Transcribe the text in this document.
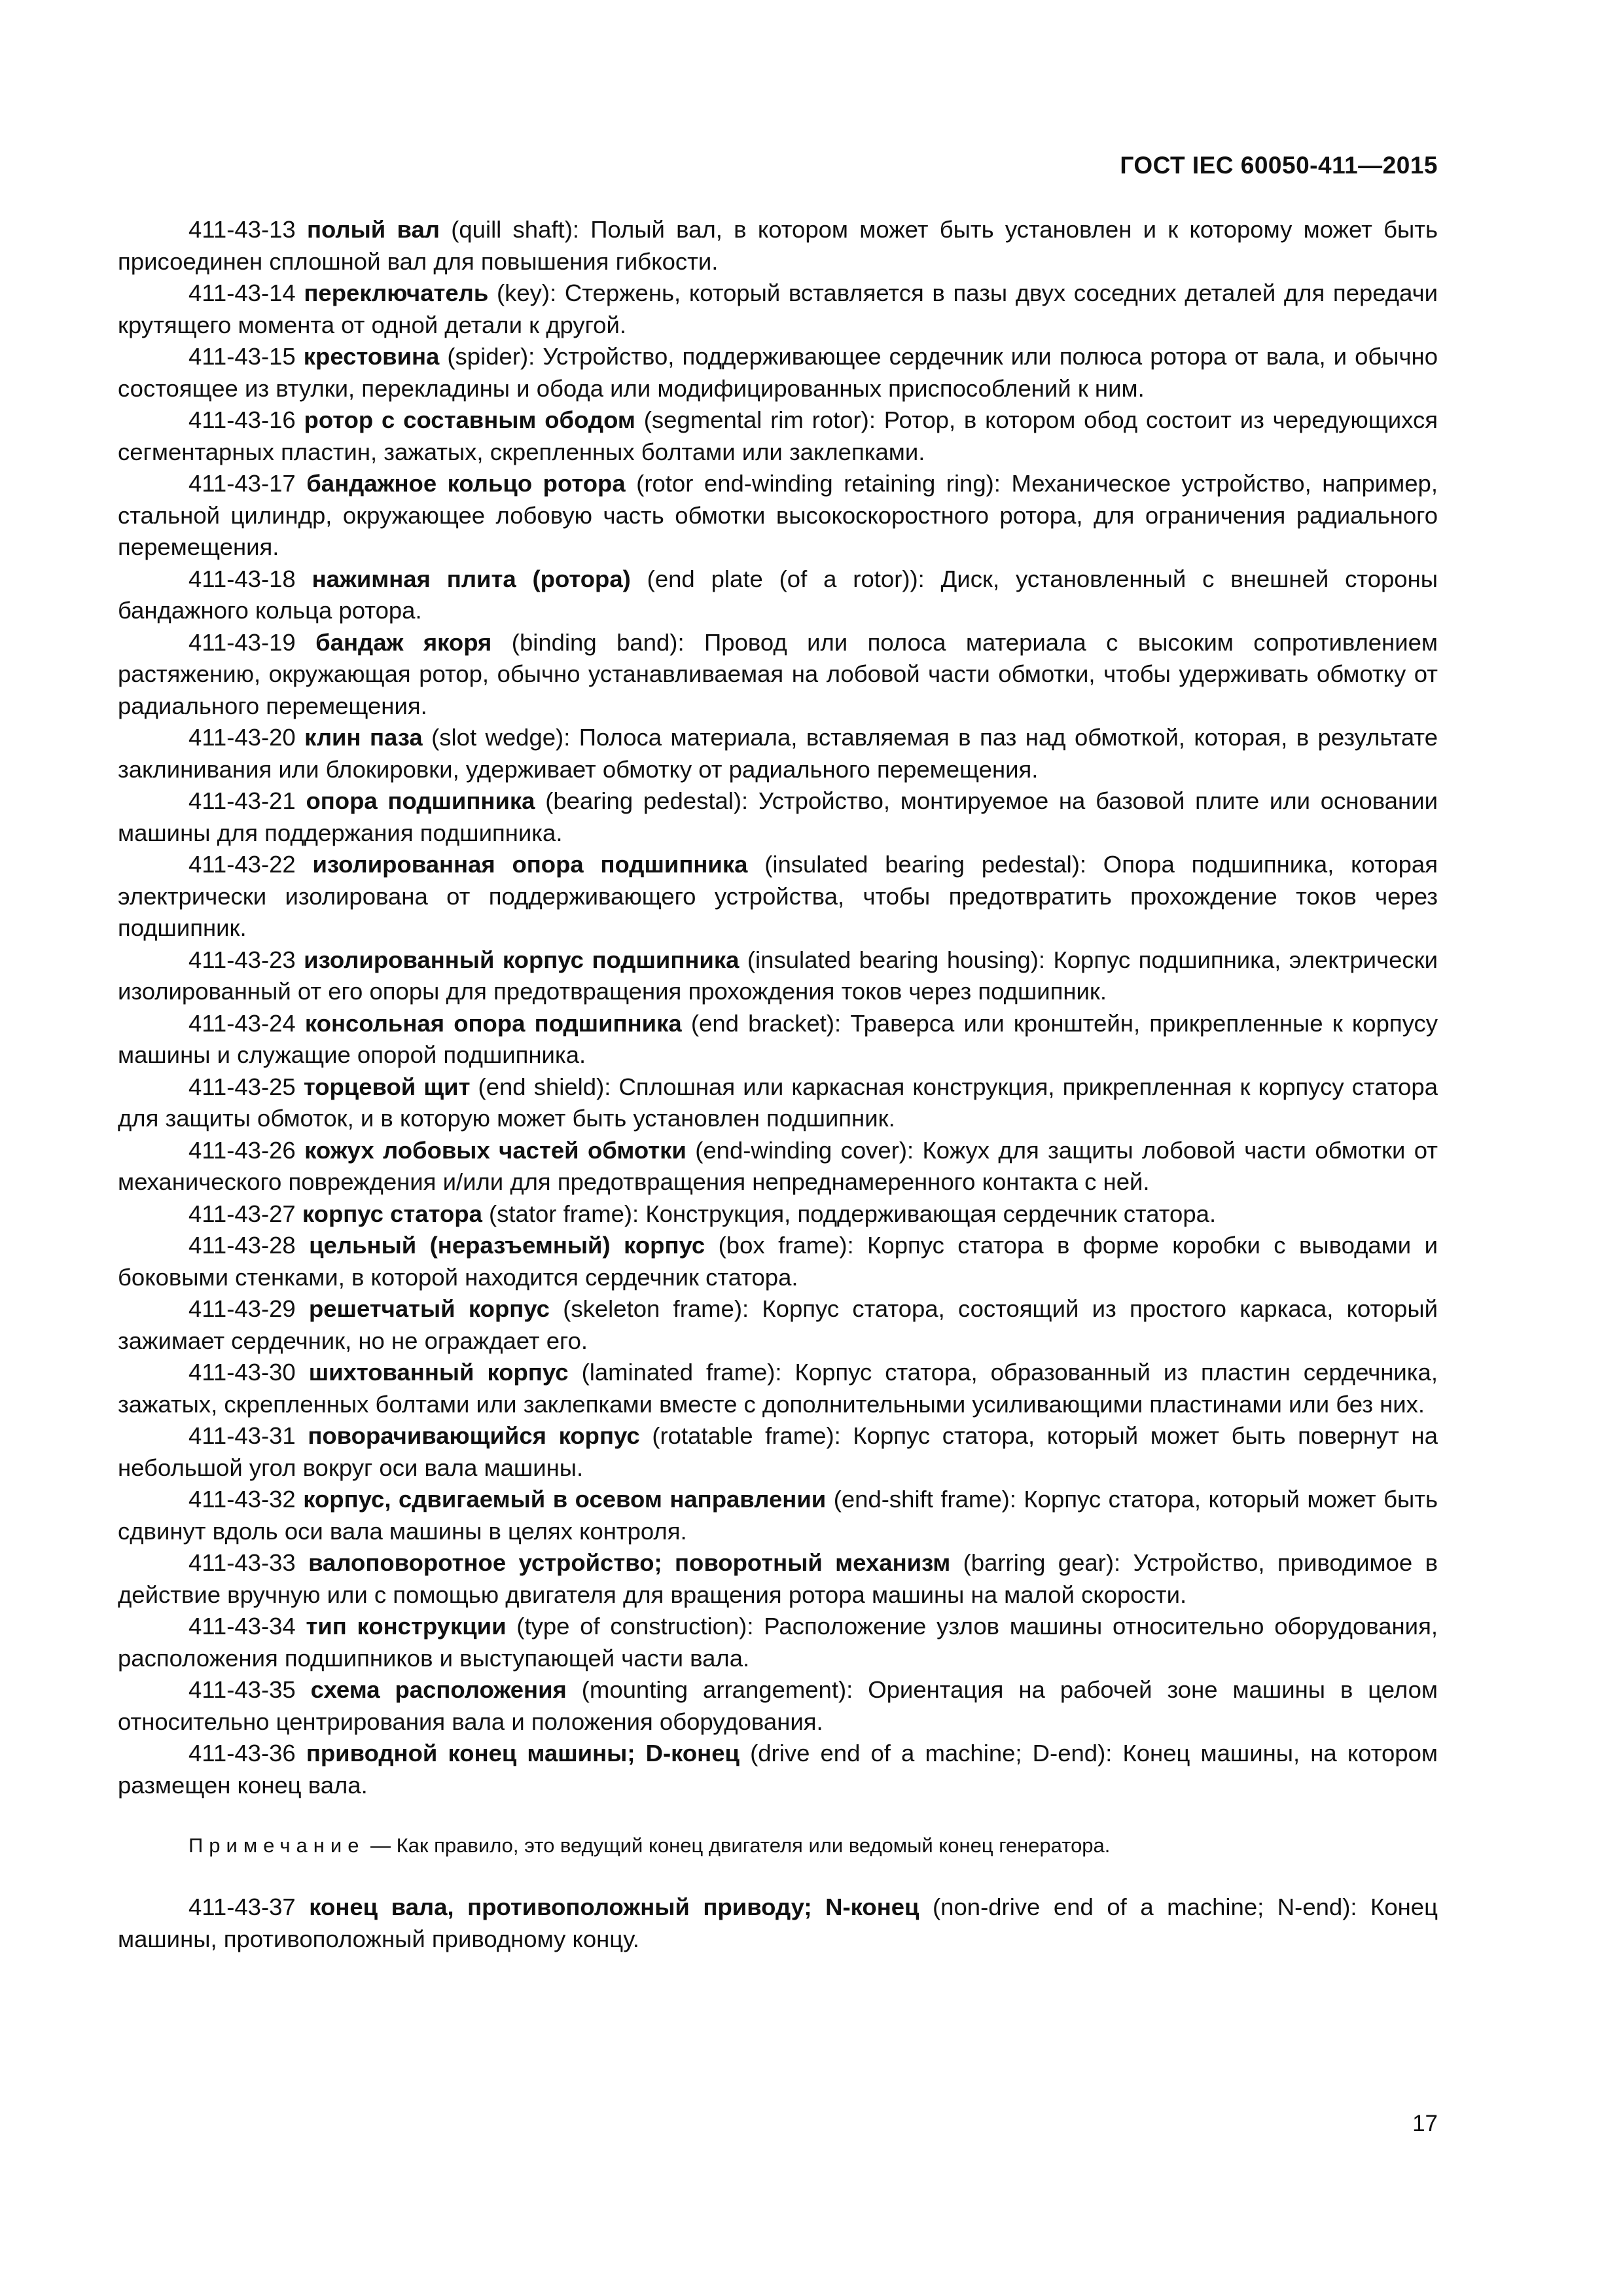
ГОСТ IEC 60050-411—2015

411-43-13 полый вал (quill shaft): Полый вал, в котором может быть установлен и к которому может быть присоединен сплошной вал для повышения гибкости.

411-43-14 переключатель (key): Стержень, который вставляется в пазы двух соседних деталей для передачи крутящего момента от одной детали к другой.

411-43-15 крестовина (spider): Устройство, поддерживающее сердечник или полюса ротора от вала, и обычно состоящее из втулки, перекладины и обода или модифицированных приспособлений к ним.

411-43-16 ротор с составным ободом (segmental rim rotor): Ротор, в котором обод состоит из чередующихся сегментарных пластин, зажатых, скрепленных болтами или заклепками.

411-43-17 бандажное кольцо ротора (rotor end-winding retaining ring): Механическое устройство, например, стальной цилиндр, окружающее лобовую часть обмотки высокоскоростного ротора, для ограничения радиального перемещения.

411-43-18 нажимная плита (ротора) (end plate (of a rotor)): Диск, установленный с внешней стороны бандажного кольца ротора.

411-43-19 бандаж якоря (binding band): Провод или полоса материала с высоким сопротивлением растяжению, окружающая ротор, обычно устанавливаемая на лобовой части обмотки, чтобы удерживать обмотку от радиального перемещения.

411-43-20 клин паза (slot wedge): Полоса материала, вставляемая в паз над обмоткой, которая, в результате заклинивания или блокировки, удерживает обмотку от радиального перемещения.

411-43-21 опора подшипника (bearing pedestal): Устройство, монтируемое на базовой плите или основании машины для поддержания подшипника.

411-43-22 изолированная опора подшипника (insulated bearing pedestal): Опора подшипника, которая электрически изолирована от поддерживающего устройства, чтобы предотвратить прохождение токов через подшипник.

411-43-23 изолированный корпус подшипника (insulated bearing housing): Корпус подшипника, электрически изолированный от его опоры для предотвращения прохождения токов через подшипник.

411-43-24 консольная опора подшипника (end bracket): Траверса или кронштейн, прикрепленные к корпусу машины и служащие опорой подшипника.

411-43-25 торцевой щит (end shield): Сплошная или каркасная конструкция, прикрепленная к корпусу статора для защиты обмоток, и в которую может быть установлен подшипник.

411-43-26 кожух лобовых частей обмотки (end-winding cover): Кожух для защиты лобовой части обмотки от механического повреждения и/или для предотвращения непреднамеренного контакта с ней.

411-43-27 корпус статора (stator frame): Конструкция, поддерживающая сердечник статора.

411-43-28 цельный (неразъемный) корпус (box frame): Корпус статора в форме коробки с выводами и боковыми стенками, в которой находится сердечник статора.

411-43-29 решетчатый корпус (skeleton frame): Корпус статора, состоящий из простого каркаса, который зажимает сердечник, но не ограждает его.

411-43-30 шихтованный корпус (laminated frame): Корпус статора, образованный из пластин сердечника, зажатых, скрепленных болтами или заклепками вместе с дополнительными усиливающими пластинами или без них.

411-43-31 поворачивающийся корпус (rotatable frame): Корпус статора, который может быть повернут на небольшой угол вокруг оси вала машины.

411-43-32 корпус, сдвигаемый в осевом направлении (end-shift frame): Корпус статора, который может быть сдвинут вдоль оси вала машины в целях контроля.

411-43-33 валоповоротное устройство; поворотный механизм (barring gear): Устройство, приводимое в действие вручную или с помощью двигателя для вращения ротора машины на малой скорости.

411-43-34 тип конструкции (type of construction): Расположение узлов машины относительно оборудования, расположения подшипников и выступающей части вала.

411-43-35 схема расположения (mounting arrangement): Ориентация на рабочей зоне машины в целом относительно центрирования вала и положения оборудования.

411-43-36 приводной конец машины; D-конец (drive end of a machine; D-end): Конец машины, на котором размещен конец вала.

Примечание — Как правило, это ведущий конец двигателя или ведомый конец генератора.

411-43-37 конец вала, противоположный приводу; N-конец (non-drive end of a machine; N-end): Конец машины, противоположный приводному концу.

17
